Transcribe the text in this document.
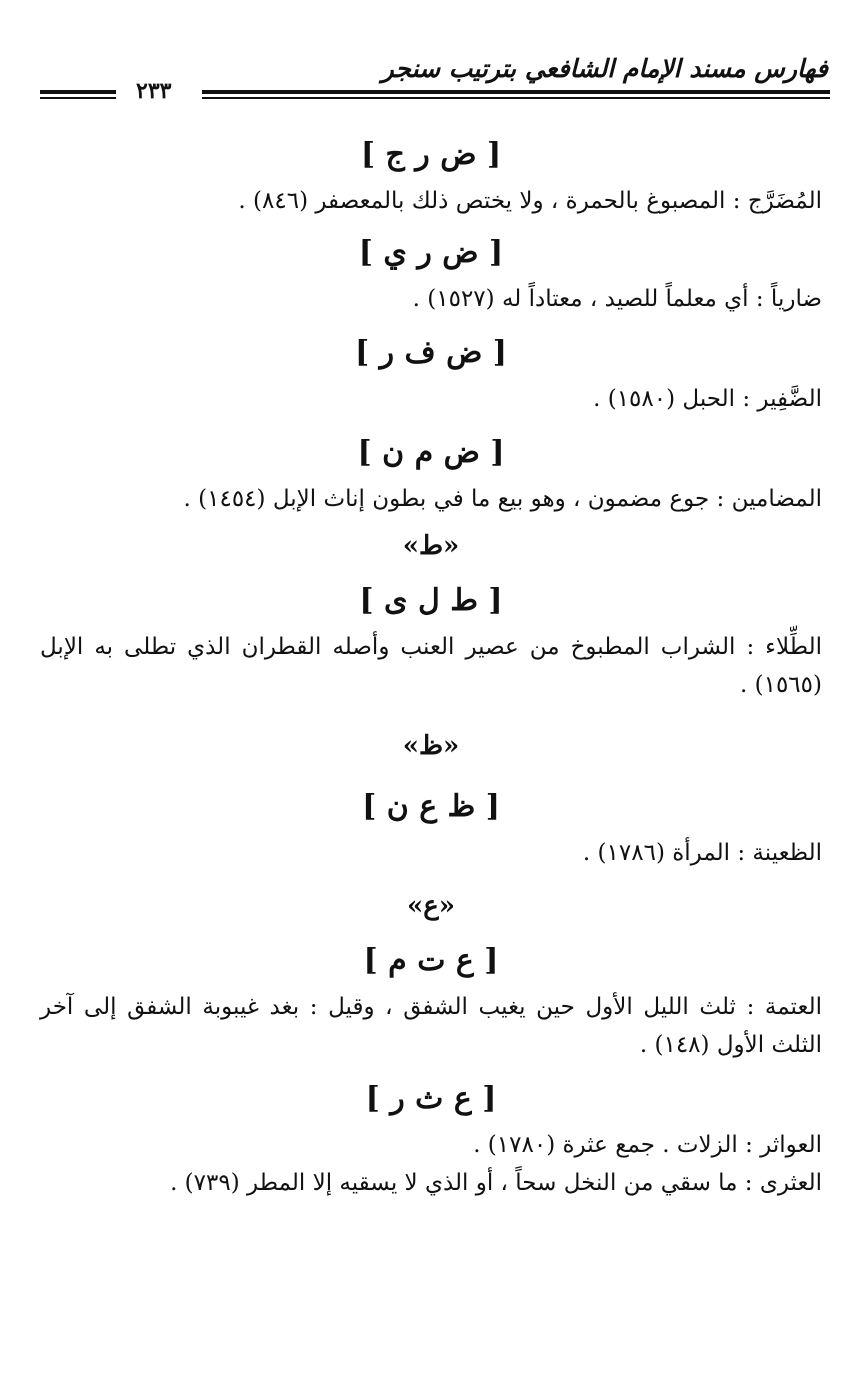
فهارس مسند الإمام الشافعي بترتيب سنجر
٢٣٣
[ ض ر ج ]

المُضَرَّج : المصبوغ بالحمرة ، ولا يختص ذلك بالمعصفر (٨٤٦) .

[ ض ر ي ]

ضارياً : أي معلماً للصيد ، معتاداً له (١٥٢٧) .

[ ض ف ر ]

الضَّفِير : الحبل (١٥٨٠) .

[ ض م ن ]

المضامين : جوع مضمون ، وهو بيع ما في بطون إناث الإبل (١٤٥٤) .

«ط»
[ ط ل ى ]

الطِّلاء : الشراب المطبوخ من عصير العنب وأصله القطران الذي تطلى به الإبل (١٥٦٥) .

«ظ»
[ ظ ع ن ]

الظعينة : المرأة (١٧٨٦) .

«ع»
[ ع ت م ]

العتمة : ثلث الليل الأول حين يغيب الشفق ، وقيل : بغد غيبوبة الشفق إلى آخر الثلث الأول (١٤٨) .

[ ع ث ر ]

العواثر : الزلات . جمع عثرة (١٧٨٠) .

العثرى : ما سقي من النخل سحاً ، أو الذي لا يسقيه إلا المطر (٧٣٩) .
